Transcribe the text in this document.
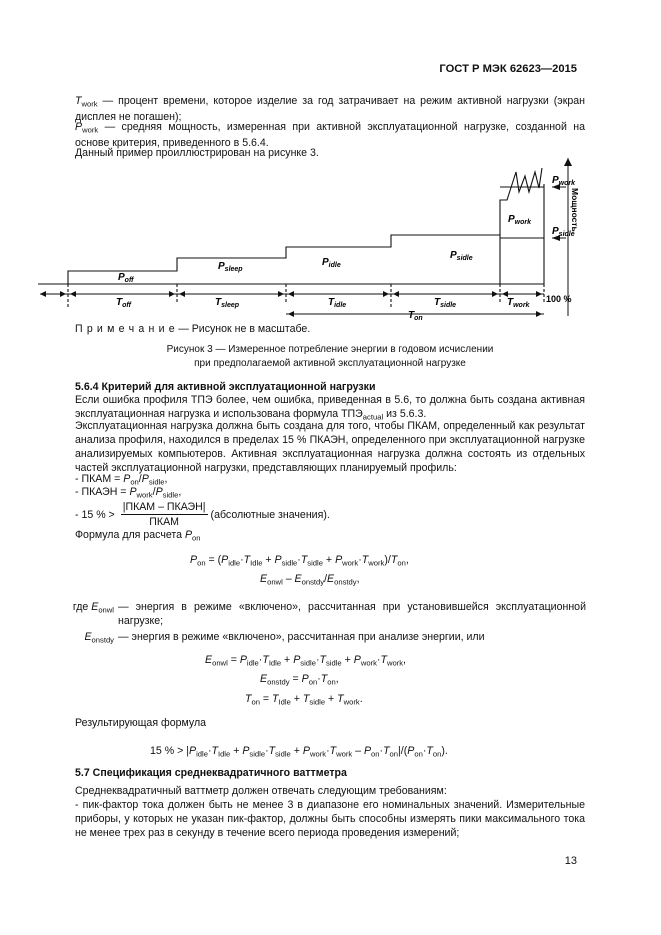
ГОСТ Р МЭК 62623—2015

$T_{work}$ — процент времени, которое изделие за год затрачивает на режим активной нагрузки (экран дисплея не погашен);

$P_{work}$ — средняя мощность, измеренная при активной эксплуатационной нагрузке, созданной на основе критерия, приведенного в 5.6.4.

Данный пример проиллюстрирован на рисунке 3.

$P_{off}$
$P_{sleep}$
$P_{idle}$
$P_{sidle}$
$P_{work}$
$P_{work}$
$P_{sidle}$
$T_{off}$	$T_{sleep}$	$T_{idle}$	$T_{sidle}$	$T_{work}$
$T_{on}$
100 %
Мощность
П р и м е ч а н и е — Рисунок не в масштабе.
Рисунок 3 — Измеренное потребление энергии в годовом исчислении
при предполагаемой активной эксплуатационной нагрузке
5.6.4 Критерий для активной эксплуатационной нагрузки

Если ошибка профиля ТПЭ более, чем ошибка, приведенная в 5.6, то должна быть создана активная эксплуатационная нагрузка и использована формула $ТПЭ_{actual}$ из 5.6.3.

Эксплуатационная нагрузка должна быть создана для того, чтобы ПКАМ, определенный как результат анализа профиля, находился в пределах 15 % ПКАЭН, определенного при эксплуатационной нагрузке анализируемых компьютеров. Активная эксплуатационная нагрузка должна состоять из отдельных частей эксплуатационной нагрузки, представляющих планируемый профиль:

- ПКАМ = $P_{on}/P_{sidle}$,
- ПКАЭН = $P_{work}/P_{sidle}$,
- 15 % >
|ПКАМ – ПКАЭН|
ПКАМ
(абсолютные значения).
Формула для расчета $P_{on}$
$P_{on} = (P_{idle}\cdot T_{Idle} + P_{sidle}\cdot T_{sidle} + P_{work}\cdot T_{work})/T_{on}$,
$E_{onwl} - E_{onstdy}/E_{onstdy}$,
где $E_{onwl}$ — энергия в режиме «включено», рассчитанная при установившейся эксплуатационной нагрузке;
$E_{onstdy}$ — энергия в режиме «включено», рассчитанная при анализе энергии, или
$E_{onwl} = P_{idle}\cdot T_{Idle} + P_{sidle}\cdot T_{sidle} + P_{work}\cdot T_{work}$,
$E_{onstdy} = P_{on}\cdot T_{on}$,
$T_{on} = T_{Idle} + T_{sidle} + T_{work}$.
Результирующая формула
15 % > $|P_{idle}\cdot T_{Idle} + P_{sidle}\cdot T_{sidle} + P_{work}\cdot T_{work} - P_{on}\cdot T_{on}|/(P_{on}\cdot T_{on})$.
5.7 Спецификация среднеквадратичного ваттметра

Среднеквадратичный ваттметр должен отвечать следующим требованиям:

- пик-фактор тока должен быть не менее 3 в диапазоне его номинальных значений. Измерительные приборы, у которых не указан пик-фактор, должны быть способны измерять пики максимального тока не менее трех раз в секунду в течение всего периода проведения измерений;

13
